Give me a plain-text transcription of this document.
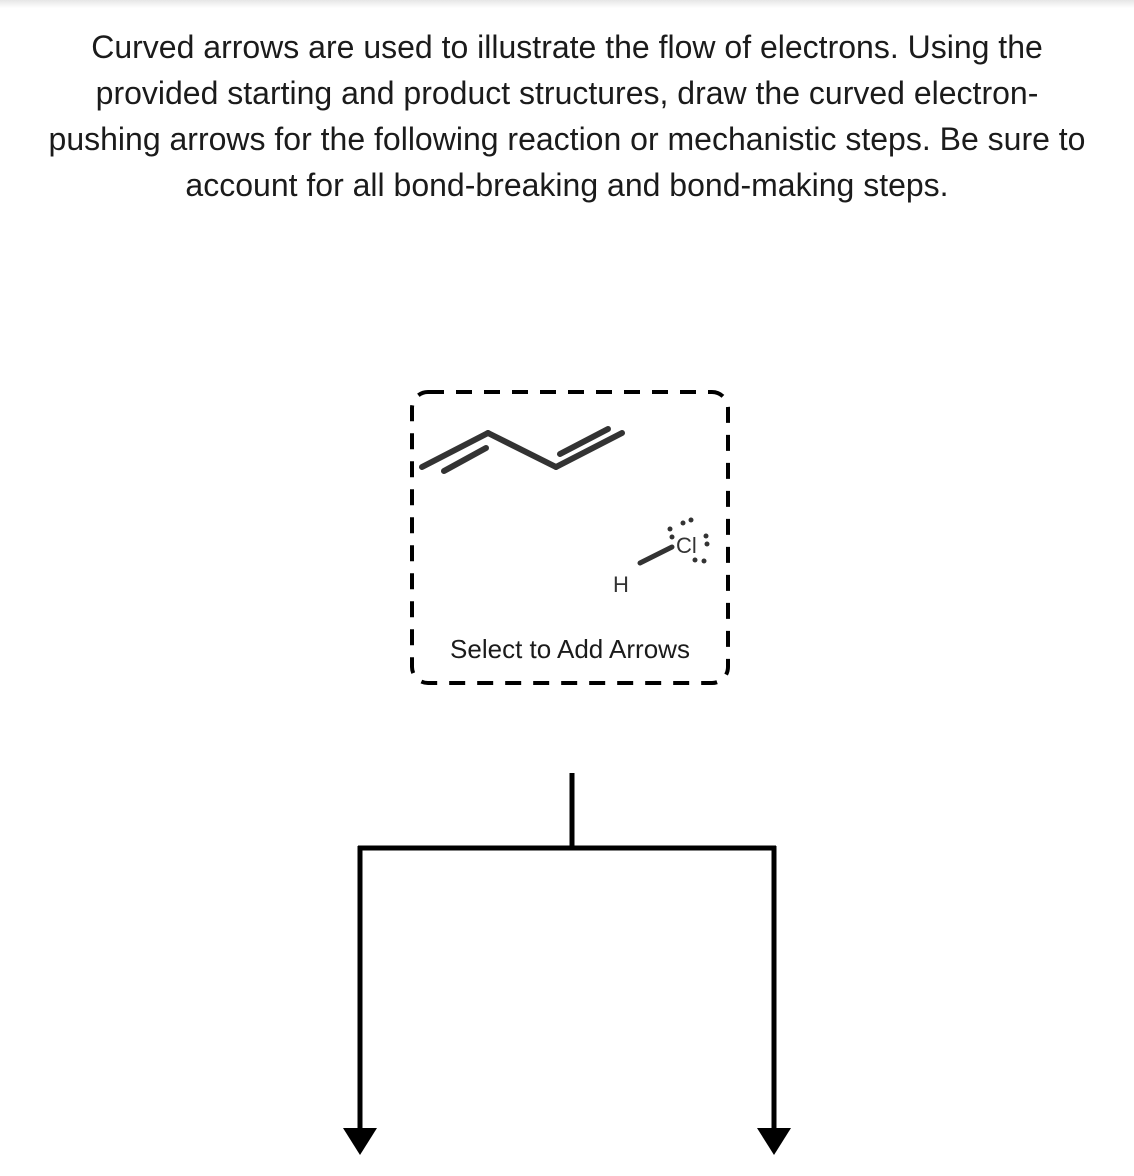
Curved arrows are used to illustrate the flow of electrons. Using the provided starting and product structures, draw the curved electron-pushing arrows for the following reaction or mechanistic steps. Be sure to account for all bond-breaking and bond-making steps.

H
Cl
Select to Add Arrows
